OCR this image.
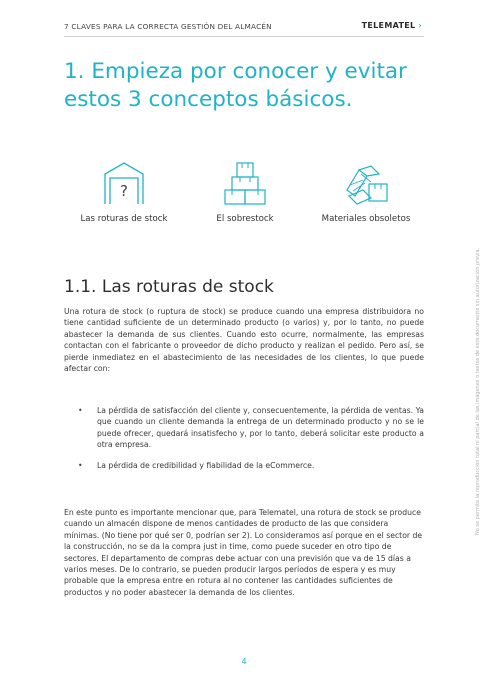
7 CLAVES PARA LA CORRECTA GESTIÓN DEL ALMACÉN	TELEMATEL ›
1. Empieza por conocer y evitar estos 3 conceptos básicos.
?
Las roturas de stock	El sobrestock	Materiales obsoletos
1.1. Las roturas de stock
Una rotura de stock (o ruptura de stock) se produce cuando una empresa distribuidora no tiene cantidad suficiente de un determinado producto (o varios) y, por lo tanto, no puede abastecer la demanda de sus clientes. Cuando esto ocurre, normalmente, las empresas contactan con el fabricante o proveedor de dicho producto y realizan el pedido. Pero así, se pierde inmediatez en el abastecimiento de las necesidades de los clientes, lo que puede afectar con:
• La pérdida de satisfacción del cliente y, consecuentemente, la pérdida de ventas. Ya que cuando un cliente demanda la entrega de un determinado producto y no se le puede ofrecer, quedará insatisfecho y, por lo tanto, deberá solicitar este producto a otra empresa.
• La pérdida de credibilidad y fiabilidad de la eCommerce.
En este punto es importante mencionar que, para Telematel, una rotura de stock se produce cuando un almacén dispone de menos cantidades de producto de las que considera mínimas. (No tiene por qué ser 0, podrían ser 2). Lo consideramos así porque en el sector de la construcción, no se da la compra just in time, como puede suceder en otro tipo de sectores. El departamento de compras debe actuar con una previsión que va de 15 días a varios meses. De lo contrario, se pueden producir largos períodos de espera y es muy probable que la empresa entre en rotura al no contener las cantidades suficientes de productos y no poder abastecer la demanda de los clientes.
No se permite la reproducción total ni parcial de las imágenes o textos de este documento sin autorización previa.
4
